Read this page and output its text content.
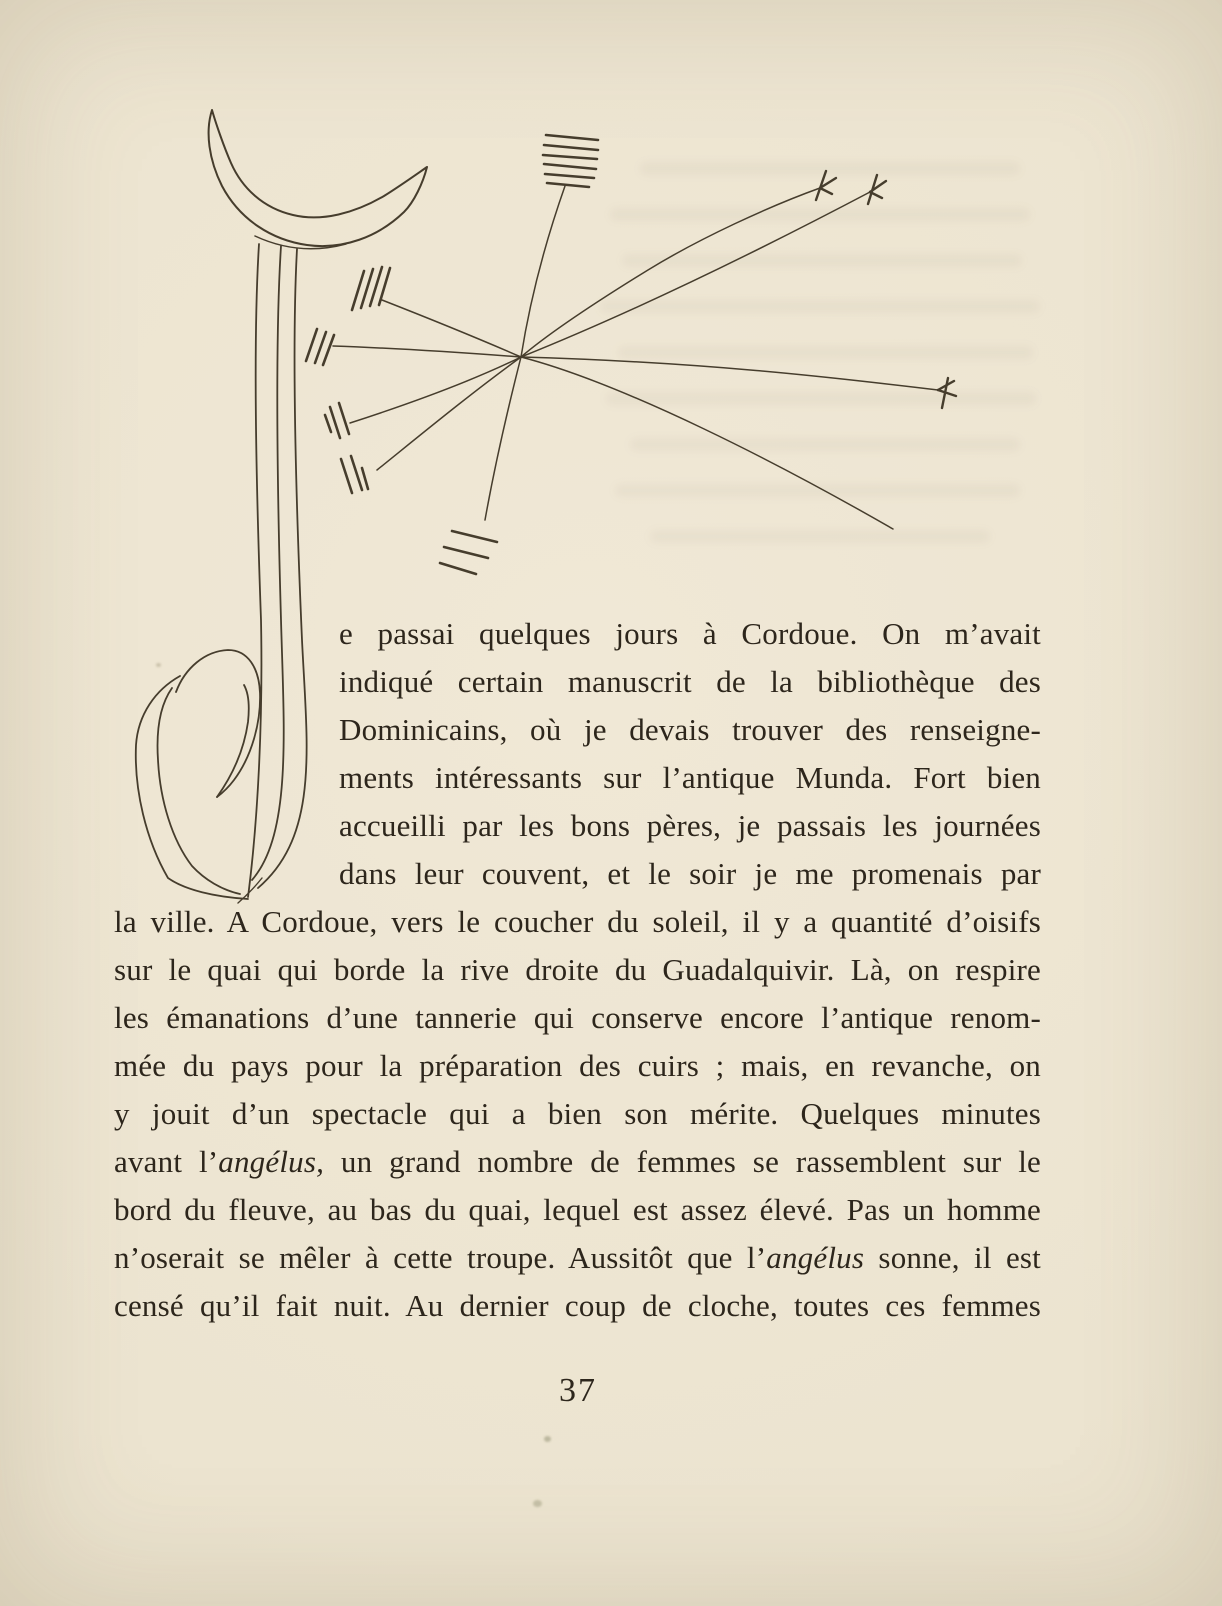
e passai quelques jours à Cordoue. On m’avait
indiqué certain manuscrit de la bibliothèque des
Dominicains, où je devais trouver des renseigne-
ments intéressants sur l’antique Munda. Fort bien
accueilli par les bons pères, je passais les journées
dans leur couvent, et le soir je me promenais par
la ville. A Cordoue, vers le coucher du soleil, il y a quantité d’oisifs
sur le quai qui borde la rive droite du Guadalquivir. Là, on respire
les émanations d’une tannerie qui conserve encore l’antique renom-
mée du pays pour la préparation des cuirs ; mais, en revanche, on
y jouit d’un spectacle qui a bien son mérite. Quelques minutes
avant l’angélus, un grand nombre de femmes se rassemblent sur le
bord du fleuve, au bas du quai, lequel est assez élevé. Pas un homme
n’oserait se mêler à cette troupe. Aussitôt que l’angélus sonne, il est
censé qu’il fait nuit. Au dernier coup de cloche, toutes ces femmes
37
